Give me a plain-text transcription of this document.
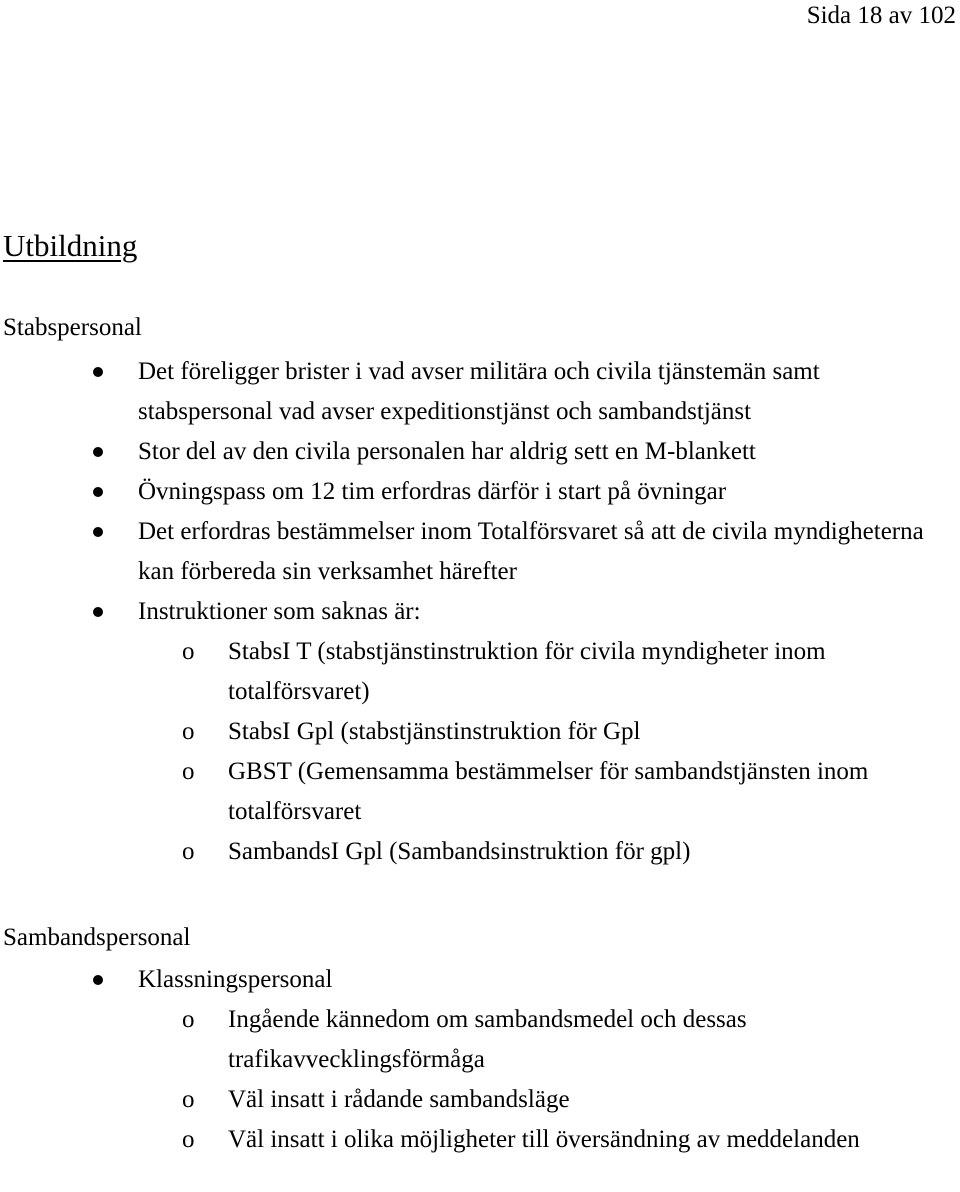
Sida 18 av 102
Utbildning
Stabspersonal
Det föreligger brister i vad avser militära och civila tjänstemän samt stabspersonal vad avser expeditionstjänst och sambandstjänst
Stor del av den civila personalen har aldrig sett en M-blankett
Övningspass om 12 tim erfordras därför i start på övningar
Det erfordras bestämmelser inom Totalförsvaret så att de civila myndigheterna kan förbereda sin verksamhet härefter
Instruktioner som saknas är:
o StabsI T (stabstjänstinstruktion för civila myndigheter inom totalförsvaret)
o StabsI Gpl (stabstjänstinstruktion för Gpl
o GBST (Gemensamma bestämmelser för sambandstjänsten inom totalförsvaret
o SambandsI Gpl (Sambandsinstruktion för gpl)
Sambandspersonal
Klassningspersonal
o Ingående kännedom om sambandsmedel och dessas trafikavvecklingsförmåga
o Väl insatt i rådande sambandsläge
o Väl insatt i olika möjligheter till översändning av meddelanden
